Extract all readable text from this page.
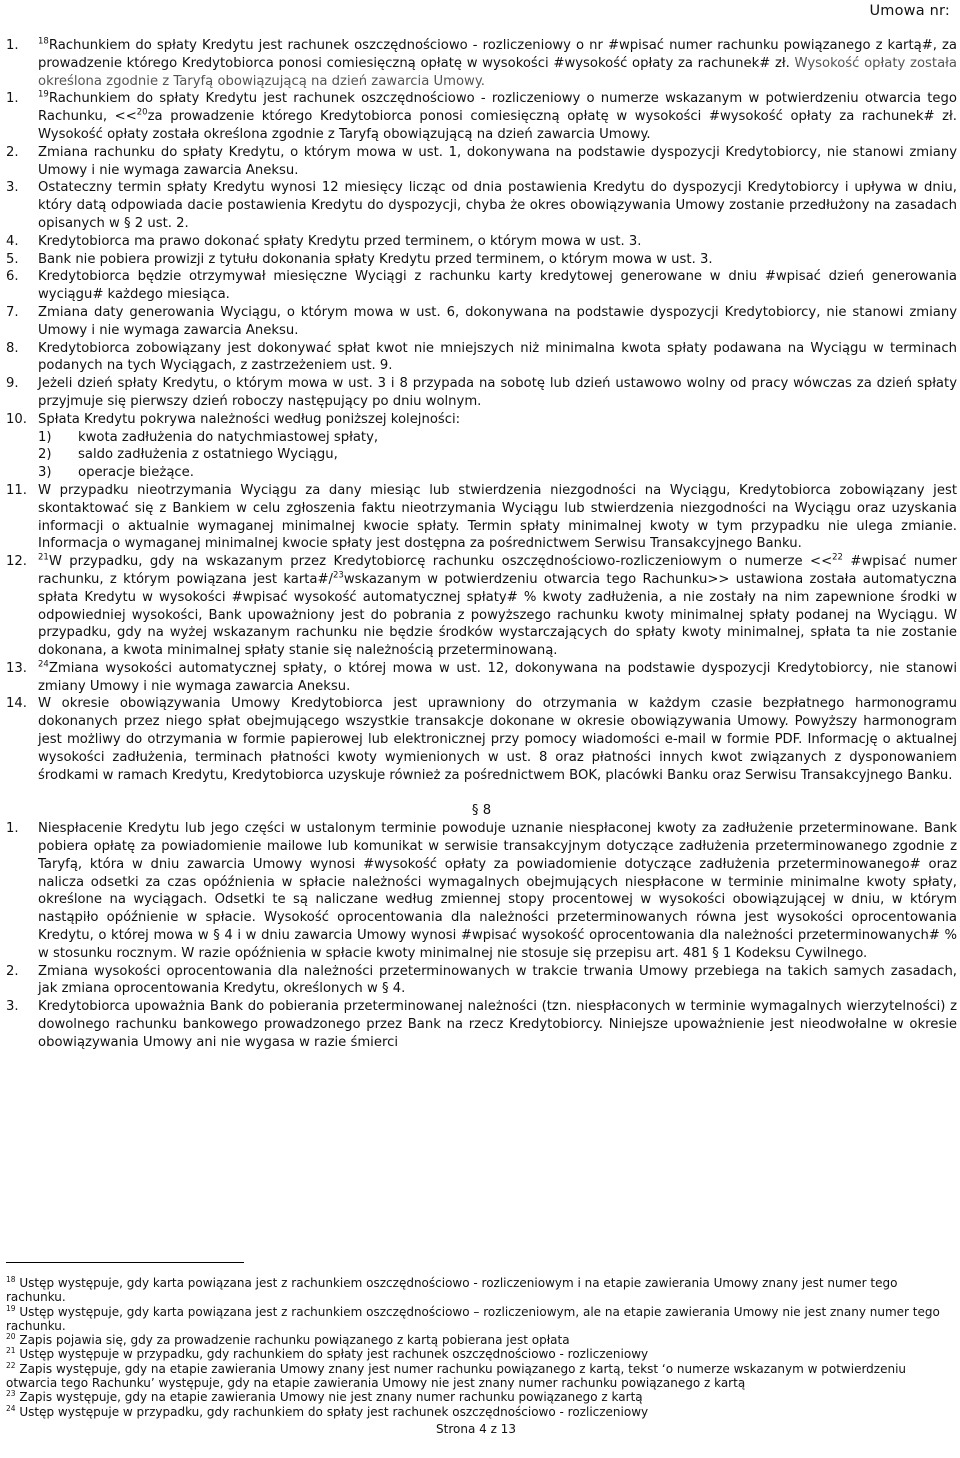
Umowa nr:
1. $^{18}$Rachunkiem do spłaty Kredytu jest rachunek oszczędnościowo - rozliczeniowy o nr #wpisać numer rachunku powiązanego z kartą#, za prowadzenie którego Kredytobiorca ponosi comiesięczną opłatę w wysokości #wysokość opłaty za rachunek# zł. Wysokość opłaty została określona zgodnie z Taryfą obowiązującą na dzień zawarcia Umowy.
1. $^{19}$Rachunkiem do spłaty Kredytu jest rachunek oszczędnościowo - rozliczeniowy o numerze wskazanym w potwierdzeniu otwarcia tego Rachunku, <<$^{20}$za prowadzenie którego Kredytobiorca ponosi comiesięczną opłatę w wysokości #wysokość opłaty za rachunek# zł. Wysokość opłaty została określona zgodnie z Taryfą obowiązującą na dzień zawarcia Umowy.
2. Zmiana rachunku do spłaty Kredytu, o którym mowa w ust. 1, dokonywana na podstawie dyspozycji Kredytobiorcy, nie stanowi zmiany Umowy i nie wymaga zawarcia Aneksu.
3. Ostateczny termin spłaty Kredytu wynosi 12 miesięcy licząc od dnia postawienia Kredytu do dyspozycji Kredytobiorcy i upływa w dniu, który datą odpowiada dacie postawienia Kredytu do dyspozycji, chyba że okres obowiązywania Umowy zostanie przedłużony na zasadach opisanych w § 2 ust. 2.
4. Kredytobiorca ma prawo dokonać spłaty Kredytu przed terminem, o którym mowa w ust. 3.
5. Bank nie pobiera prowizji z tytułu dokonania spłaty Kredytu przed terminem, o którym mowa w ust. 3.
6. Kredytobiorca będzie otrzymywał miesięczne Wyciągi z rachunku karty kredytowej generowane w dniu #wpisać dzień generowania wyciągu# każdego miesiąca.
7. Zmiana daty generowania Wyciągu, o którym mowa w ust. 6, dokonywana na podstawie dyspozycji Kredytobiorcy, nie stanowi zmiany Umowy i nie wymaga zawarcia Aneksu.
8. Kredytobiorca zobowiązany jest dokonywać spłat kwot nie mniejszych niż minimalna kwota spłaty podawana na Wyciągu w terminach podanych na tych Wyciągach, z zastrzeżeniem ust. 9.
9. Jeżeli dzień spłaty Kredytu, o którym mowa w ust. 3 i 8 przypada na sobotę lub dzień ustawowo wolny od pracy wówczas za dzień spłaty przyjmuje się pierwszy dzień roboczy następujący po dniu wolnym.
10. Spłata Kredytu pokrywa należności według poniższej kolejności:
1) kwota zadłużenia do natychmiastowej spłaty,
2) saldo zadłużenia z ostatniego Wyciągu,
3) operacje bieżące.
11. W przypadku nieotrzymania Wyciągu za dany miesiąc lub stwierdzenia niezgodności na Wyciągu, Kredytobiorca zobowiązany jest skontaktować się z Bankiem w celu zgłoszenia faktu nieotrzymania Wyciągu lub stwierdzenia niezgodności na Wyciągu oraz uzyskania informacji o aktualnie wymaganej minimalnej kwocie spłaty. Termin spłaty minimalnej kwoty w tym przypadku nie ulega zmianie. Informacja o wymaganej minimalnej kwocie spłaty jest dostępna za pośrednictwem Serwisu Transakcyjnego Banku.
12. $^{21}$W przypadku, gdy na wskazanym przez Kredytobiorcę rachunku oszczędnościowo-rozliczeniowym o numerze <<$^{22}$ #wpisać numer rachunku, z którym powiązana jest karta#/$^{23}$wskazanym w potwierdzeniu otwarcia tego Rachunku>> ustawiona została automatyczna spłata Kredytu w wysokości #wpisać wysokość automatycznej spłaty# % kwoty zadłużenia, a nie zostały na nim zapewnione środki w odpowiedniej wysokości, Bank upoważniony jest do pobrania z powyższego rachunku kwoty minimalnej spłaty podanej na Wyciągu. W przypadku, gdy na wyżej wskazanym rachunku nie będzie środków wystarczających do spłaty kwoty minimalnej, spłata ta nie zostanie dokonana, a kwota minimalnej spłaty stanie się należnością przeterminowaną.
13. $^{24}$Zmiana wysokości automatycznej spłaty, o której mowa w ust. 12, dokonywana na podstawie dyspozycji Kredytobiorcy, nie stanowi zmiany Umowy i nie wymaga zawarcia Aneksu.
14. W okresie obowiązywania Umowy Kredytobiorca jest uprawniony do otrzymania w każdym czasie bezpłatnego harmonogramu dokonanych przez niego spłat obejmującego wszystkie transakcje dokonane w okresie obowiązywania Umowy. Powyższy harmonogram jest możliwy do otrzymania w formie papierowej lub elektronicznej przy pomocy wiadomości e-mail w formie PDF. Informację o aktualnej wysokości zadłużenia, terminach płatności kwoty wymienionych w ust. 8 oraz płatności innych kwot związanych z dysponowaniem środkami w ramach Kredytu, Kredytobiorca uzyskuje również za pośrednictwem BOK, placówki Banku oraz Serwisu Transakcyjnego Banku.
§ 8
1. Niespłacenie Kredytu lub jego części w ustalonym terminie powoduje uznanie niespłaconej kwoty za zadłużenie przeterminowane. Bank pobiera opłatę za powiadomienie mailowe lub komunikat w serwisie transakcyjnym dotyczące zadłużenia przeterminowanego zgodnie z Taryfą, która w dniu zawarcia Umowy wynosi #wysokość opłaty za powiadomienie dotyczące zadłużenia przeterminowanego# oraz nalicza odsetki za czas opóźnienia w spłacie należności wymagalnych obejmujących niespłacone w terminie minimalne kwoty spłaty, określone na wyciągach. Odsetki te są naliczane według zmiennej stopy procentowej w wysokości obowiązującej w dniu, w którym nastąpiło opóźnienie w spłacie. Wysokość oprocentowania dla należności przeterminowanych równa jest wysokości oprocentowania Kredytu, o której mowa w § 4 i w dniu zawarcia Umowy wynosi #wpisać wysokość oprocentowania dla należności przeterminowanych# % w stosunku rocznym. W razie opóźnienia w spłacie kwoty minimalnej nie stosuje się przepisu art. 481 § 1 Kodeksu Cywilnego.
2. Zmiana wysokości oprocentowania dla należności przeterminowanych w trakcie trwania Umowy przebiega na takich samych zasadach, jak zmiana oprocentowania Kredytu, określonych w § 4.
3. Kredytobiorca upoważnia Bank do pobierania przeterminowanej należności (tzn. niespłaconych w terminie wymagalnych wierzytelności) z dowolnego rachunku bankowego prowadzonego przez Bank na rzecz Kredytobiorcy. Niniejsze upoważnienie jest nieodwołalne w okresie obowiązywania Umowy ani nie wygasa w razie śmierci
$^{18}$ Ustęp występuje, gdy karta powiązana jest z rachunkiem oszczędnościowo - rozliczeniowym i na etapie zawierania Umowy znany jest numer tego rachunku.
$^{19}$ Ustęp występuje, gdy karta powiązana jest z rachunkiem oszczędnościowo – rozliczeniowym, ale na etapie zawierania Umowy nie jest znany numer tego rachunku.
$^{20}$ Zapis pojawia się, gdy za prowadzenie rachunku powiązanego z kartą pobierana jest opłata
$^{21}$ Ustęp występuje w przypadku, gdy rachunkiem do spłaty jest rachunek oszczędnościowo - rozliczeniowy
$^{22}$ Zapis występuje, gdy na etapie zawierania Umowy znany jest numer rachunku powiązanego z kartą, tekst ‘o numerze wskazanym w potwierdzeniu otwarcia tego Rachunku’ występuje, gdy na etapie zawierania Umowy nie jest znany numer rachunku powiązanego z kartą
$^{23}$ Zapis występuje, gdy na etapie zawierania Umowy nie jest znany numer rachunku powiązanego z kartą
$^{24}$ Ustęp występuje w przypadku, gdy rachunkiem do spłaty jest rachunek oszczędnościowo - rozliczeniowy
Strona 4 z 13
